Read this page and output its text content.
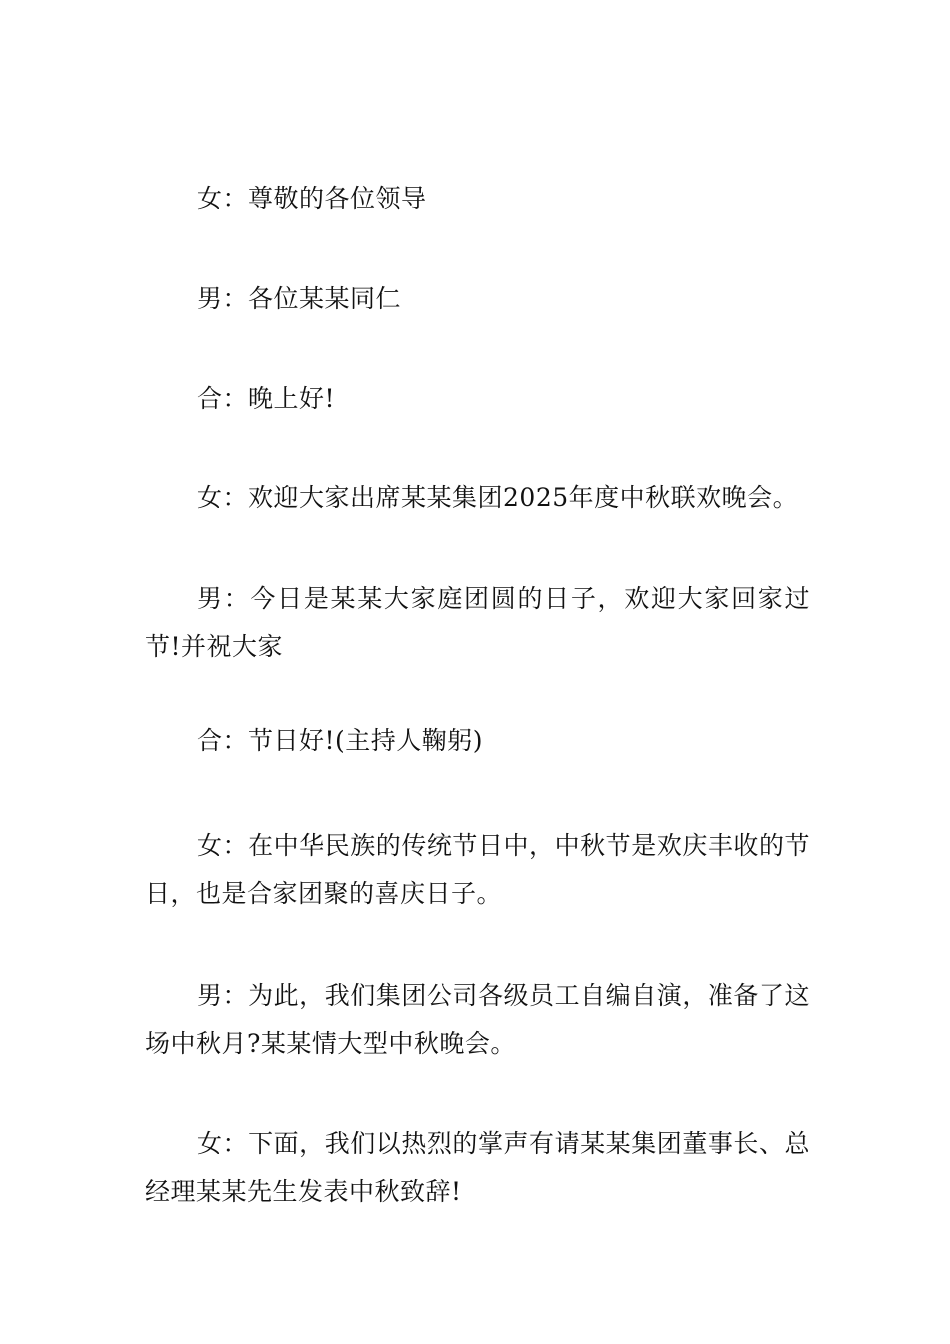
女：尊敬的各位领导

男：各位某某同仁

合：晚上好!

女：欢迎大家出席某某集团2025年度中秋联欢晚会。

男：今日是某某大家庭团圆的日子，欢迎大家回家过节!并祝大家

合：节日好!(主持人鞠躬)

女：在中华民族的传统节日中，中秋节是欢庆丰收的节日，也是合家团聚的喜庆日子。

男：为此，我们集团公司各级员工自编自演，准备了这场中秋月?某某情大型中秋晚会。

女：下面，我们以热烈的掌声有请某某集团董事长、总经理某某先生发表中秋致辞!
